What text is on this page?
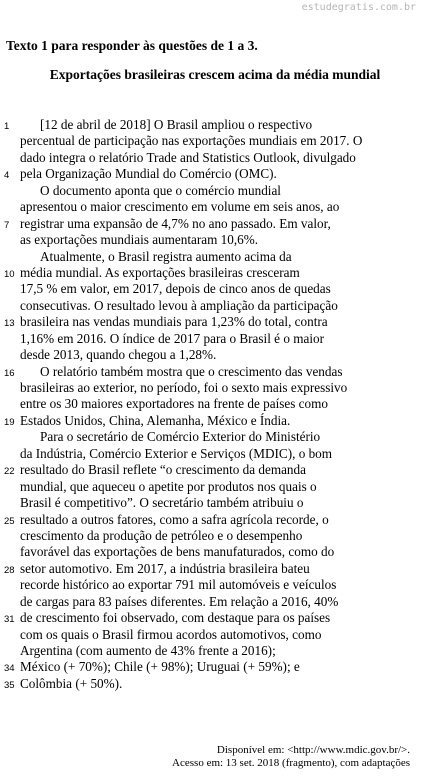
estudegratis.com.br
Texto 1 para responder às questões de 1 a 3.
Exportações brasileiras crescem acima da média mundial
1 [12 de abril de 2018] O Brasil ampliou o respectivo
percentual de participação nas exportações mundiais em 2017. O
dado integra o relatório Trade and Statistics Outlook, divulgado
4 pela Organização Mundial do Comércio (OMC).
O documento aponta que o comércio mundial
apresentou o maior crescimento em volume em seis anos, ao
7 registrar uma expansão de 4,7% no ano passado. Em valor,
as exportações mundiais aumentaram 10,6%.
Atualmente, o Brasil registra aumento acima da
10 média mundial. As exportações brasileiras cresceram
17,5 % em valor, em 2017, depois de cinco anos de quedas
consecutivas. O resultado levou à ampliação da participação
13 brasileira nas vendas mundiais para 1,23% do total, contra
1,16% em 2016. O índice de 2017 para o Brasil é o maior
desde 2013, quando chegou a 1,28%.
16 O relatório também mostra que o crescimento das vendas
brasileiras ao exterior, no período, foi o sexto mais expressivo
entre os 30 maiores exportadores na frente de países como
19 Estados Unidos, China, Alemanha, México e Índia.
Para o secretário de Comércio Exterior do Ministério
da Indústria, Comércio Exterior e Serviços (MDIC), o bom
22 resultado do Brasil reflete “o crescimento da demanda
mundial, que aqueceu o apetite por produtos nos quais o
Brasil é competitivo”. O secretário também atribuiu o
25 resultado a outros fatores, como a safra agrícola recorde, o
crescimento da produção de petróleo e o desempenho
favorável das exportações de bens manufaturados, como do
28 setor automotivo. Em 2017, a indústria brasileira bateu
recorde histórico ao exportar 791 mil automóveis e veículos
de cargas para 83 países diferentes. Em relação a 2016, 40%
31 de crescimento foi observado, com destaque para os países
com os quais o Brasil firmou acordos automotivos, como
Argentina (com aumento de 43% frente a 2016);
34 México (+ 70%); Chile (+ 98%); Uruguai (+ 59%); e
35 Colômbia (+ 50%).
Disponível em: <http://www.mdic.gov.br/>.
Acesso em: 13 set. 2018 (fragmento), com adaptações
